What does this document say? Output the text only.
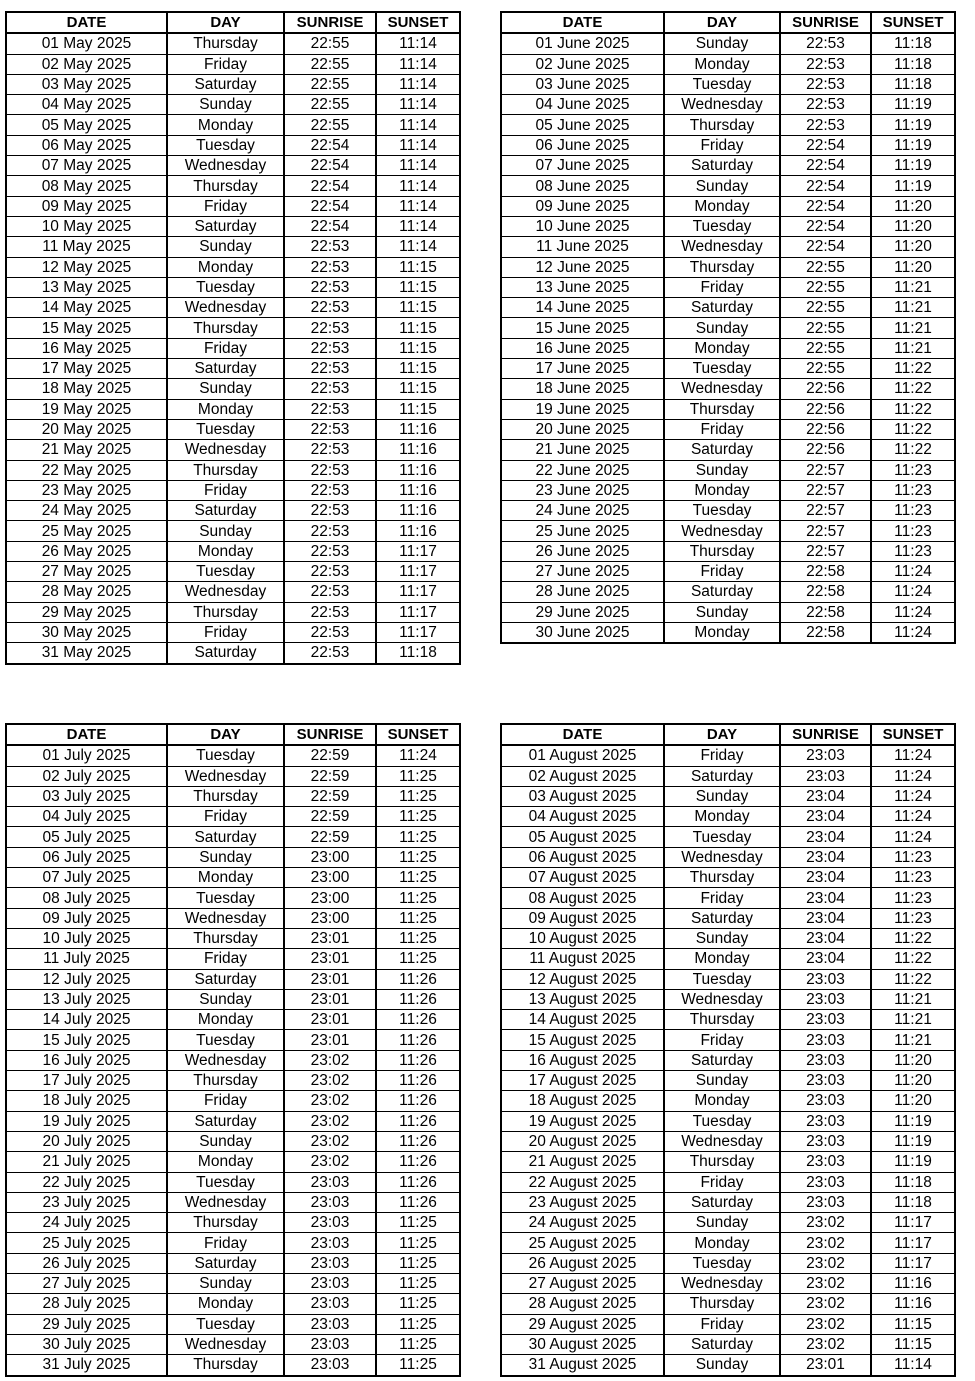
DATE	DAY	SUNRISE	SUNSET
01 May 2025	Thursday	22:55	11:14
02 May 2025	Friday	22:55	11:14
03 May 2025	Saturday	22:55	11:14
04 May 2025	Sunday	22:55	11:14
05 May 2025	Monday	22:55	11:14
06 May 2025	Tuesday	22:54	11:14
07 May 2025	Wednesday	22:54	11:14
08 May 2025	Thursday	22:54	11:14
09 May 2025	Friday	22:54	11:14
10 May 2025	Saturday	22:54	11:14
11 May 2025	Sunday	22:53	11:14
12 May 2025	Monday	22:53	11:15
13 May 2025	Tuesday	22:53	11:15
14 May 2025	Wednesday	22:53	11:15
15 May 2025	Thursday	22:53	11:15
16 May 2025	Friday	22:53	11:15
17 May 2025	Saturday	22:53	11:15
18 May 2025	Sunday	22:53	11:15
19 May 2025	Monday	22:53	11:15
20 May 2025	Tuesday	22:53	11:16
21 May 2025	Wednesday	22:53	11:16
22 May 2025	Thursday	22:53	11:16
23 May 2025	Friday	22:53	11:16
24 May 2025	Saturday	22:53	11:16
25 May 2025	Sunday	22:53	11:16
26 May 2025	Monday	22:53	11:17
27 May 2025	Tuesday	22:53	11:17
28 May 2025	Wednesday	22:53	11:17
29 May 2025	Thursday	22:53	11:17
30 May 2025	Friday	22:53	11:17
31 May 2025	Saturday	22:53	11:18
DATE	DAY	SUNRISE	SUNSET
01 June 2025	Sunday	22:53	11:18
02 June 2025	Monday	22:53	11:18
03 June 2025	Tuesday	22:53	11:18
04 June 2025	Wednesday	22:53	11:19
05 June 2025	Thursday	22:53	11:19
06 June 2025	Friday	22:54	11:19
07 June 2025	Saturday	22:54	11:19
08 June 2025	Sunday	22:54	11:19
09 June 2025	Monday	22:54	11:20
10 June 2025	Tuesday	22:54	11:20
11 June 2025	Wednesday	22:54	11:20
12 June 2025	Thursday	22:55	11:20
13 June 2025	Friday	22:55	11:21
14 June 2025	Saturday	22:55	11:21
15 June 2025	Sunday	22:55	11:21
16 June 2025	Monday	22:55	11:21
17 June 2025	Tuesday	22:55	11:22
18 June 2025	Wednesday	22:56	11:22
19 June 2025	Thursday	22:56	11:22
20 June 2025	Friday	22:56	11:22
21 June 2025	Saturday	22:56	11:22
22 June 2025	Sunday	22:57	11:23
23 June 2025	Monday	22:57	11:23
24 June 2025	Tuesday	22:57	11:23
25 June 2025	Wednesday	22:57	11:23
26 June 2025	Thursday	22:57	11:23
27 June 2025	Friday	22:58	11:24
28 June 2025	Saturday	22:58	11:24
29 June 2025	Sunday	22:58	11:24
30 June 2025	Monday	22:58	11:24
DATE	DAY	SUNRISE	SUNSET
01 July 2025	Tuesday	22:59	11:24
02 July 2025	Wednesday	22:59	11:25
03 July 2025	Thursday	22:59	11:25
04 July 2025	Friday	22:59	11:25
05 July 2025	Saturday	22:59	11:25
06 July 2025	Sunday	23:00	11:25
07 July 2025	Monday	23:00	11:25
08 July 2025	Tuesday	23:00	11:25
09 July 2025	Wednesday	23:00	11:25
10 July 2025	Thursday	23:01	11:25
11 July 2025	Friday	23:01	11:25
12 July 2025	Saturday	23:01	11:26
13 July 2025	Sunday	23:01	11:26
14 July 2025	Monday	23:01	11:26
15 July 2025	Tuesday	23:01	11:26
16 July 2025	Wednesday	23:02	11:26
17 July 2025	Thursday	23:02	11:26
18 July 2025	Friday	23:02	11:26
19 July 2025	Saturday	23:02	11:26
20 July 2025	Sunday	23:02	11:26
21 July 2025	Monday	23:02	11:26
22 July 2025	Tuesday	23:03	11:26
23 July 2025	Wednesday	23:03	11:26
24 July 2025	Thursday	23:03	11:25
25 July 2025	Friday	23:03	11:25
26 July 2025	Saturday	23:03	11:25
27 July 2025	Sunday	23:03	11:25
28 July 2025	Monday	23:03	11:25
29 July 2025	Tuesday	23:03	11:25
30 July 2025	Wednesday	23:03	11:25
31 July 2025	Thursday	23:03	11:25
DATE	DAY	SUNRISE	SUNSET
01 August 2025	Friday	23:03	11:24
02 August 2025	Saturday	23:03	11:24
03 August 2025	Sunday	23:04	11:24
04 August 2025	Monday	23:04	11:24
05 August 2025	Tuesday	23:04	11:24
06 August 2025	Wednesday	23:04	11:23
07 August 2025	Thursday	23:04	11:23
08 August 2025	Friday	23:04	11:23
09 August 2025	Saturday	23:04	11:23
10 August 2025	Sunday	23:04	11:22
11 August 2025	Monday	23:04	11:22
12 August 2025	Tuesday	23:03	11:22
13 August 2025	Wednesday	23:03	11:21
14 August 2025	Thursday	23:03	11:21
15 August 2025	Friday	23:03	11:21
16 August 2025	Saturday	23:03	11:20
17 August 2025	Sunday	23:03	11:20
18 August 2025	Monday	23:03	11:20
19 August 2025	Tuesday	23:03	11:19
20 August 2025	Wednesday	23:03	11:19
21 August 2025	Thursday	23:03	11:19
22 August 2025	Friday	23:03	11:18
23 August 2025	Saturday	23:03	11:18
24 August 2025	Sunday	23:02	11:17
25 August 2025	Monday	23:02	11:17
26 August 2025	Tuesday	23:02	11:17
27 August 2025	Wednesday	23:02	11:16
28 August 2025	Thursday	23:02	11:16
29 August 2025	Friday	23:02	11:15
30 August 2025	Saturday	23:02	11:15
31 August 2025	Sunday	23:01	11:14
